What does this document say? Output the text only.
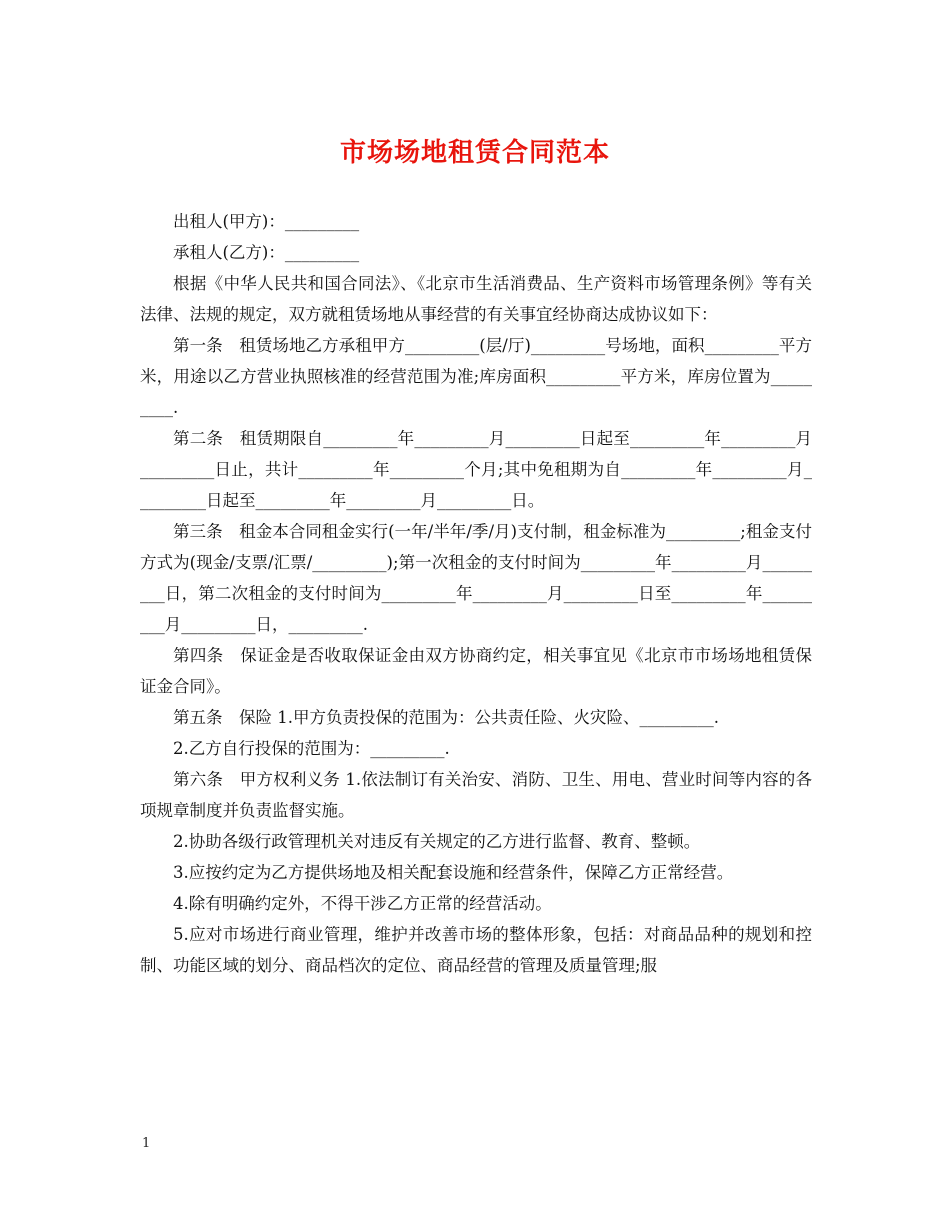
市场场地租赁合同范本

出租人(甲方)：_________

承租人(乙方)：_________

根据《中华人民共和国合同法》、《北京市生活消费品、生产资料市场管理条例》等有关法律、法规的规定，双方就租赁场地从事经营的有关事宜经协商达成协议如下：

第一条　租赁场地乙方承租甲方_________(层/厅)_________号场地，面积_________平方米，用途以乙方营业执照核准的经营范围为准;库房面积_________平方米，库房位置为_________.

第二条　租赁期限自_________年_________月_________日起至_________年_________月_________日止，共计_________年_________个月;其中免租期为自_________年_________月_________日起至_________年_________月_________日。

第三条　租金本合同租金实行(一年/半年/季/月)支付制，租金标准为_________;租金支付方式为(现金/支票/汇票/_________);第一次租金的支付时间为_________年_________月_________日，第二次租金的支付时间为_________年_________月_________日至_________年_________月_________日，_________.

第四条　保证金是否收取保证金由双方协商约定，相关事宜见《北京市市场场地租赁保证金合同》。

第五条　保险 1.甲方负责投保的范围为：公共责任险、火灾险、_________.

2.乙方自行投保的范围为：_________.

第六条　甲方权利义务 1.依法制订有关治安、消防、卫生、用电、营业时间等内容的各项规章制度并负责监督实施。

2.协助各级行政管理机关对违反有关规定的乙方进行监督、教育、整顿。

3.应按约定为乙方提供场地及相关配套设施和经营条件，保障乙方正常经营。

4.除有明确约定外，不得干涉乙方正常的经营活动。

5.应对市场进行商业管理，维护并改善市场的整体形象，包括：对商品品种的规划和控制、功能区域的划分、商品档次的定位、商品经营的管理及质量管理;服

1
